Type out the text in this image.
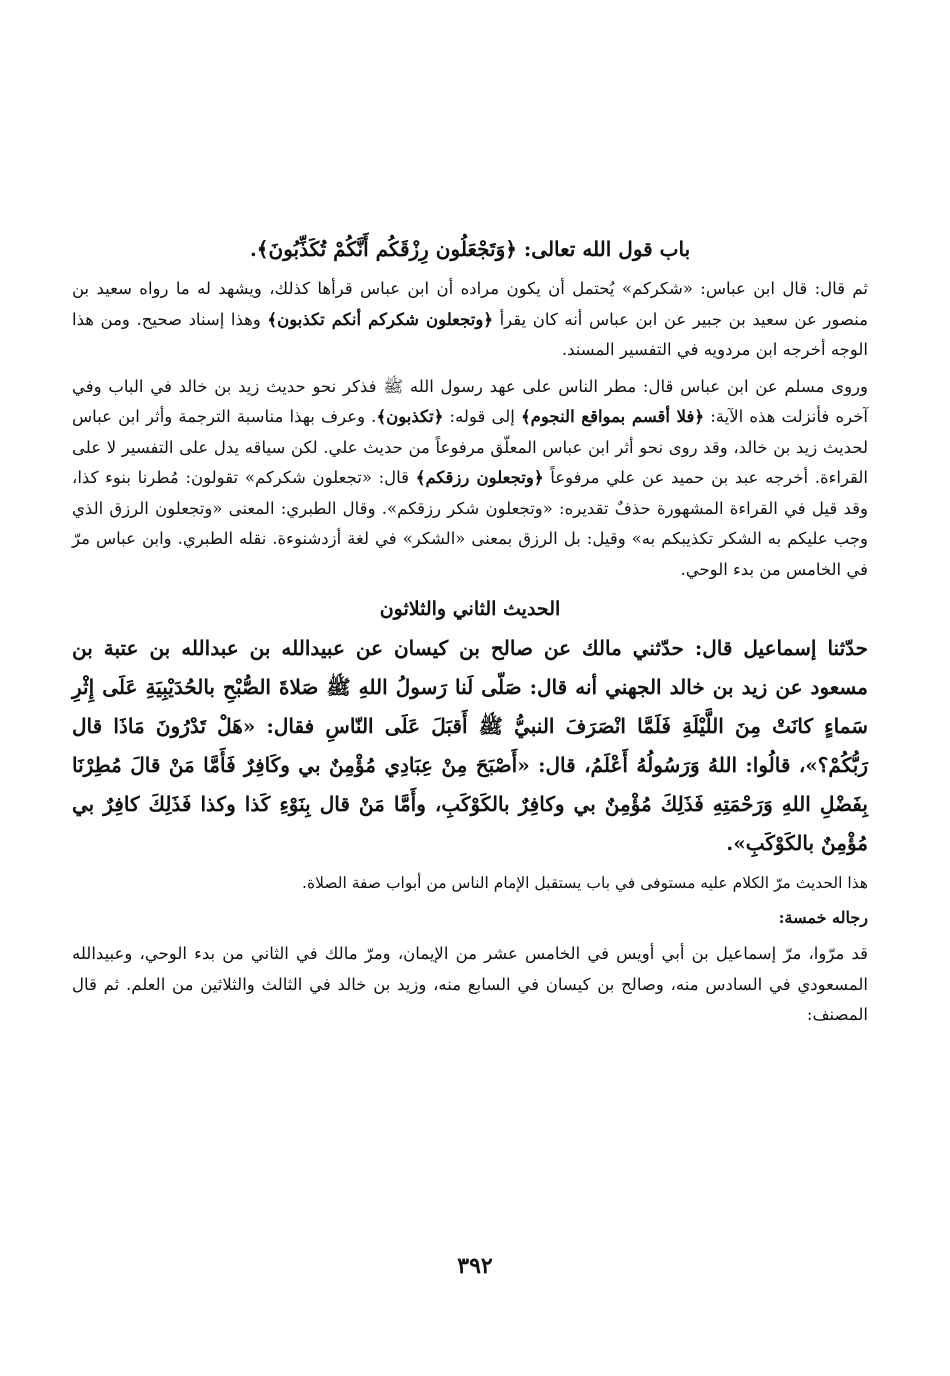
باب قول الله تعالى: ﴿وَتَجْعَلُون رِزْقَكُم أَنَّكُمْ تُكَذِّبُونَ﴾.

ثم قال: قال ابن عباس: «شكركم» يُحتمل أن يكون مراده أن ابن عباس قرأها كذلك، ويشهد له ما رواه سعيد بن منصور عن سعيد بن جبير عن ابن عباس أنه كان يقرأ ﴿وتجعلون شكركم أنكم تكذبون﴾ وهذا إسناد صحيح. ومن هذا الوجه أخرجه ابن مردويه في التفسير المسند.

وروى مسلم عن ابن عباس قال: مطر الناس على عهد رسول الله ﷺ فذكر نحو حديث زيد بن خالد في الباب وفي آخره فأنزلت هذه الآية: ﴿فلا أقسم بمواقع النجوم﴾ إلى قوله: ﴿تكذبون﴾. وعرف بهذا مناسبة الترجمة وأثر ابن عباس لحديث زيد بن خالد، وقد روى نحو أثر ابن عباس المعلّق مرفوعاً من حديث علي. لكن سياقه يدل على التفسير لا على القراءة. أخرجه عبد بن حميد عن علي مرفوعاً ﴿وتجعلون رزقكم﴾ قال: «تجعلون شكركم» تقولون: مُطرنا بنوء كذا، وقد قيل في القراءة المشهورة حذفٌ تقديره: «وتجعلون شكر رزقكم». وقال الطبري: المعنى «وتجعلون الرزق الذي وجب عليكم به الشكر تكذيبكم به» وقيل: بل الرزق بمعنى «الشكر» في لغة أزدشنوءة. نقله الطبري. وابن عباس مرّ في الخامس من بدء الوحي.

الحديث الثاني والثلاثون

حدّثنا إسماعيل قال: حدّثني مالك عن صالح بن كيسان عن عبيدالله بن عبدالله بن عتبة بن مسعود عن زيد بن خالد الجهني أنه قال: صَلّى لَنا رَسولُ اللهِ ﷺ صَلاةَ الصُّبْحِ بالحُدَيْبِيَةِ عَلَى إِثْرِ سَماءٍ كانَتْ مِنَ اللَّيْلَةِ فَلَمَّا انْصَرَفَ النبيُّ ﷺ أَقبَلَ عَلَى النّاسِ فقال: «هَلْ تَدْرُونَ مَاذَا قال رَبُّكُمْ؟»، قالُوا: اللهُ وَرَسُولُهُ أَعْلَمُ، قال: «أَصْبَحَ مِنْ عِبَادِي مُؤْمِنٌ بي وكَافِرٌ فَأَمَّا مَنْ قالَ مُطِرْنَا بِفَضْلِ اللهِ وَرَحْمَتِهِ فَذَلِكَ مُؤْمِنٌ بي وكافِرٌ بالكَوْكَبِ، وأَمَّا مَنْ قال بِنَوْءِ كَذا وكذا فَذَلِكَ كافِرٌ بي مُؤْمِنٌ بالكَوْكَبِ».

هذا الحديث مرّ الكلام عليه مستوفى في باب يستقبل الإمام الناس من أبواب صفة الصلاة.

رجاله خمسة:

قد مرّوا، مرّ إسماعيل بن أبي أويس في الخامس عشر من الإيمان، ومرّ مالك في الثاني من بدء الوحي، وعبيدالله المسعودي في السادس منه، وصالح بن كيسان في السابع منه، وزيد بن خالد في الثالث والثلاثين من العلم. ثم قال المصنف:

٣٩٢
